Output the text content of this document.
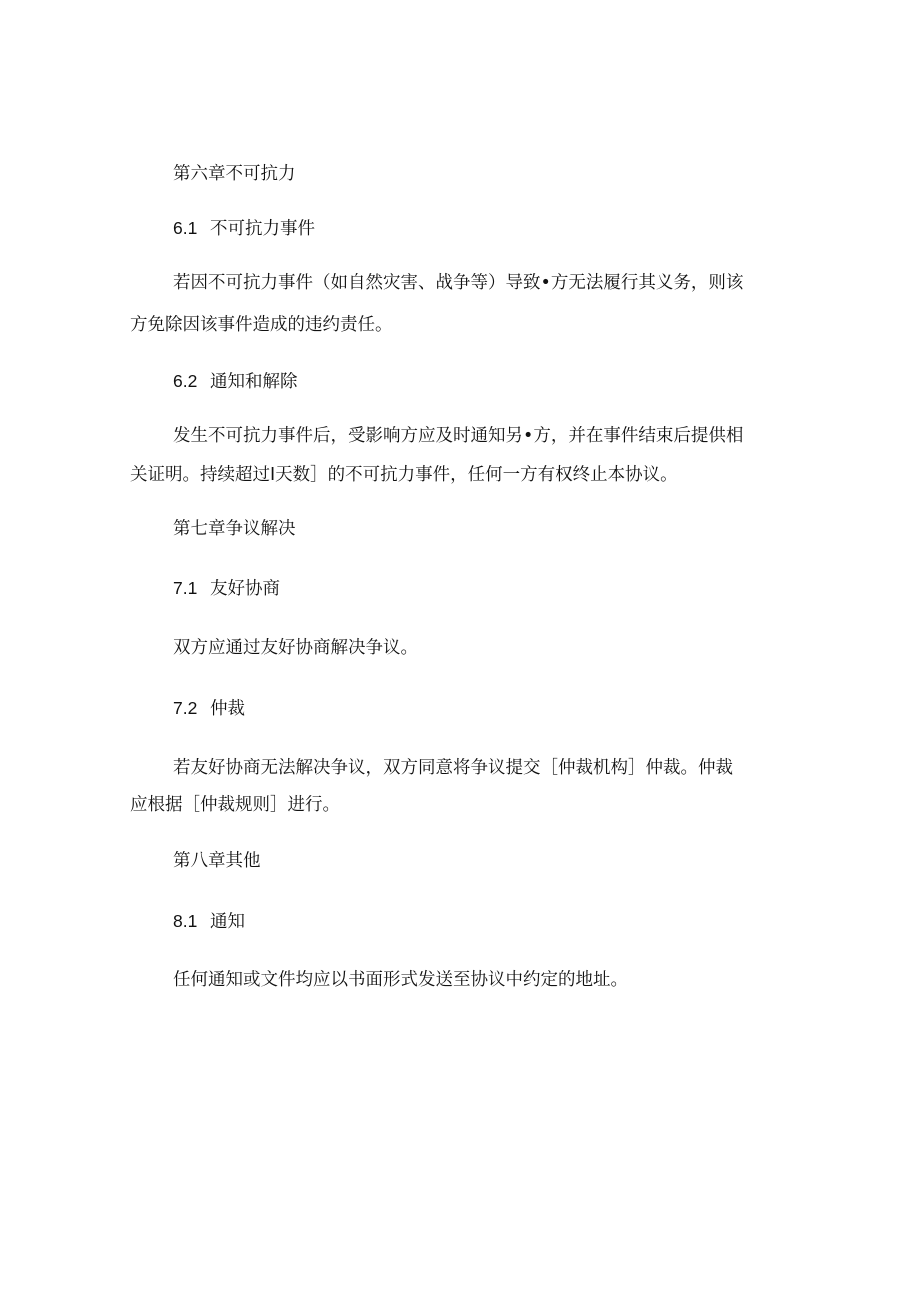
第六章不可抗力
6.1 不可抗力事件
若因不可抗力事件（如自然灾害、战争等）导致•方无法履行其义务，则该
方免除因该事件造成的违约责任。
6.2 通知和解除
发生不可抗力事件后，受影响方应及时通知另•方，并在事件结束后提供相
关证明。持续超过I天数］的不可抗力事件，任何一方有权终止本协议。
第七章争议解决
7.1 友好协商
双方应通过友好协商解决争议。
7.2 仲裁
若友好协商无法解决争议，双方同意将争议提交［仲裁机构］仲裁。仲裁
应根据［仲裁规则］进行。
第八章其他
8.1 通知
任何通知或文件均应以书面形式发送至协议中约定的地址。
